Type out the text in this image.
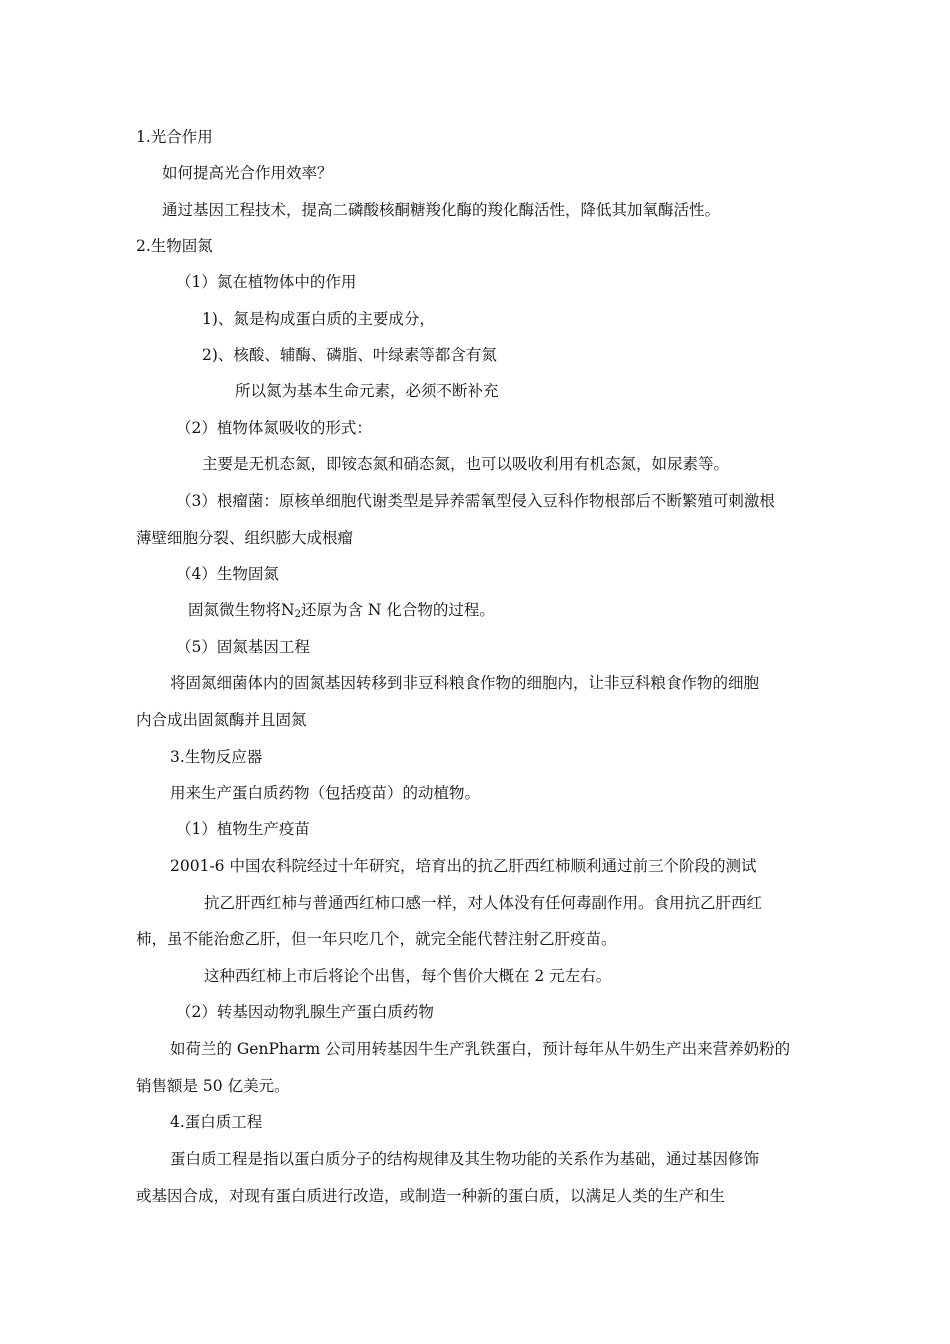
1.光合作用
如何提高光合作用效率？
通过基因工程技术，提高二磷酸核酮糖羧化酶的羧化酶活性，降低其加氧酶活性。
2.生物固氮
（1）氮在植物体中的作用
1)、氮是构成蛋白质的主要成分，
2)、核酸、辅酶、磷脂、叶绿素等都含有氮
所以氮为基本生命元素，必须不断补充
（2）植物体氮吸收的形式：
主要是无机态氮，即铵态氮和硝态氮，也可以吸收利用有机态氮，如尿素等。
（3）根瘤菌：原核单细胞代谢类型是异养需氧型侵入豆科作物根部后不断繁殖可刺激根
薄壁细胞分裂、组织膨大成根瘤
（4）生物固氮
固氮微生物将$N_2$还原为含 N 化合物的过程。
（5）固氮基因工程
将固氮细菌体内的固氮基因转移到非豆科粮食作物的细胞内，让非豆科粮食作物的细胞
内合成出固氮酶并且固氮
3.生物反应器
用来生产蛋白质药物（包括疫苗）的动植物。
（1）植物生产疫苗
2001-6 中国农科院经过十年研究，培育出的抗乙肝西红柿顺利通过前三个阶段的测试
抗乙肝西红柿与普通西红柿口感一样，对人体没有任何毒副作用。食用抗乙肝西红
柿，虽不能治愈乙肝，但一年只吃几个，就完全能代替注射乙肝疫苗。
这种西红柿上市后将论个出售，每个售价大概在 2 元左右。
（2）转基因动物乳腺生产蛋白质药物
如荷兰的 GenPharm 公司用转基因牛生产乳铁蛋白，预计每年从牛奶生产出来营养奶粉的
销售额是 50 亿美元。
4.蛋白质工程
蛋白质工程是指以蛋白质分子的结构规律及其生物功能的关系作为基础，通过基因修饰
或基因合成，对现有蛋白质进行改造，或制造一种新的蛋白质，以满足人类的生产和生
